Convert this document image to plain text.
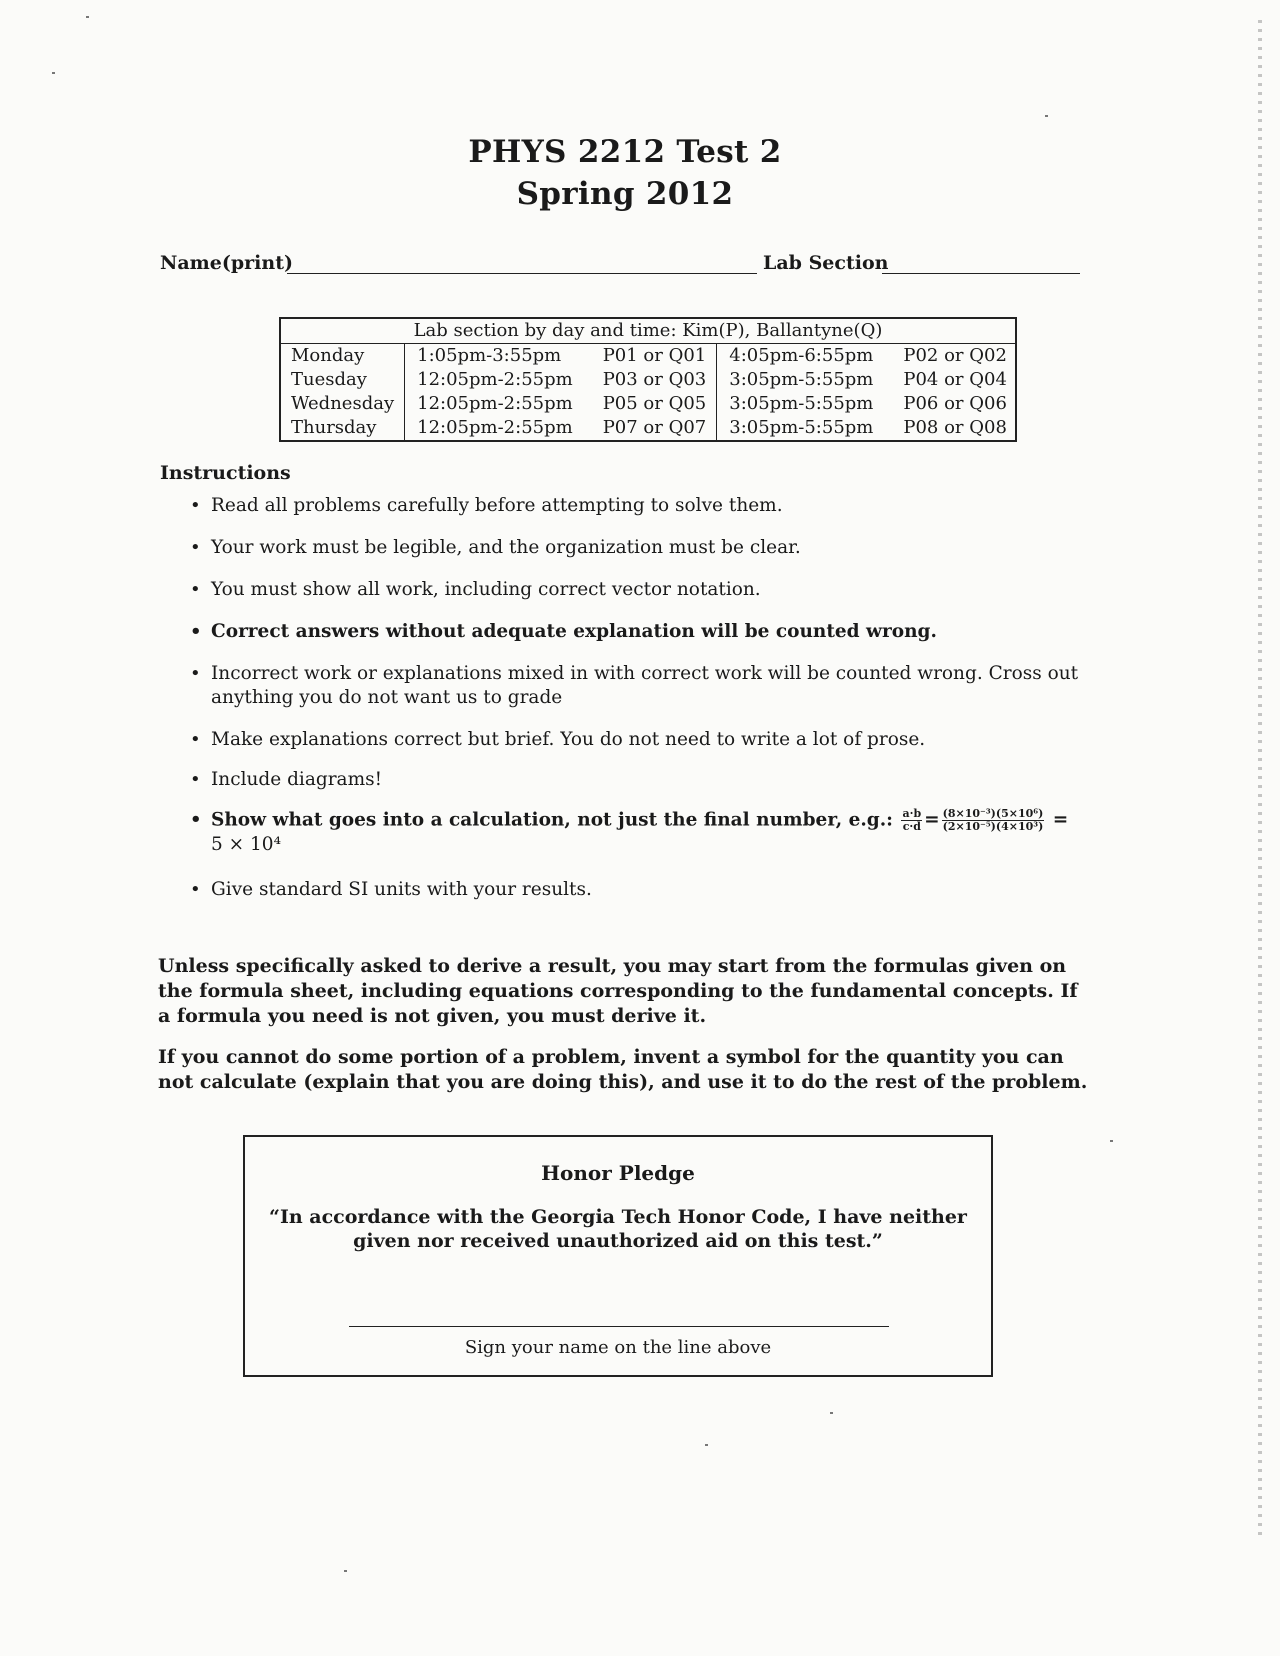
PHYS 2212 Test 2
Spring 2012
Name(print)	Lab Section
Lab section by day and time: Kim(P), Ballantyne(Q)				
Monday	1:05pm-3:55pm	P01 or Q01	4:05pm-6:55pm	P02 or Q02
Tuesday	12:05pm-2:55pm	P03 or Q03	3:05pm-5:55pm	P04 or Q04
Wednesday	12:05pm-2:55pm	P05 or Q05	3:05pm-5:55pm	P06 or Q06
Thursday	12:05pm-2:55pm	P07 or Q07	3:05pm-5:55pm	P08 or Q08
Instructions
• Read all problems carefully before attempting to solve them.
• Your work must be legible, and the organization must be clear.
• You must show all work, including correct vector notation.
• Correct answers without adequate explanation will be counted wrong.
• Incorrect work or explanations mixed in with correct work will be counted wrong. Cross out anything you do not want us to grade
• Make explanations correct but brief. You do not need to write a lot of prose.
• Include diagrams!
• Show what goes into a calculation, not just the final number, e.g.: $\frac{a\cdot b}{c\cdot d} = \frac{\text{(8×10⁻³)(5×10⁶)}}{\text{(2×10⁻⁵)(4×10³)}}$ =
5 × 10⁴
• Give standard SI units with your results.
Unless specifically asked to derive a result, you may start from the formulas given on the formula sheet, including equations corresponding to the fundamental concepts. If a formula you need is not given, you must derive it.
If you cannot do some portion of a problem, invent a symbol for the quantity you can not calculate (explain that you are doing this), and use it to do the rest of the problem.
Honor Pledge
“In accordance with the Georgia Tech Honor Code, I have neither given nor received unauthorized aid on this test.”
Sign your name on the line above
